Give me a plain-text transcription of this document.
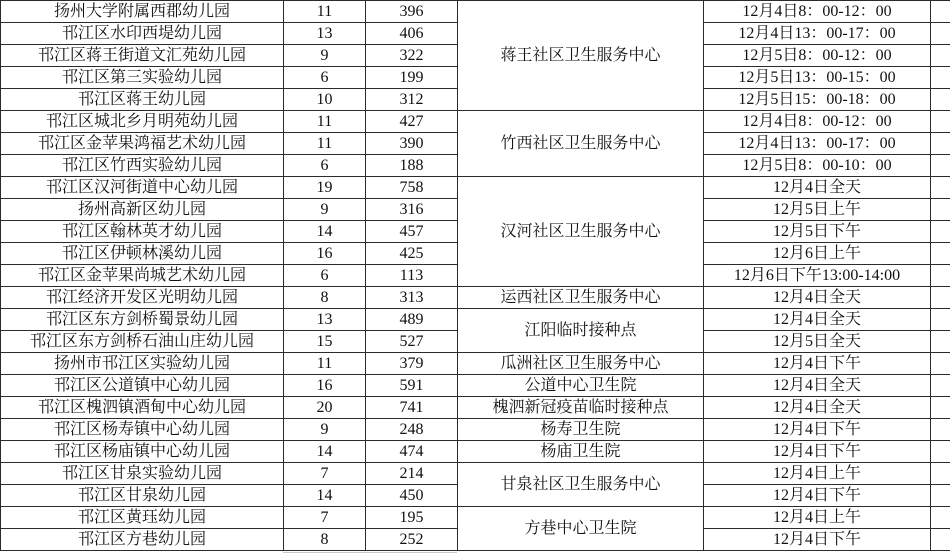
扬州大学附属西郡幼儿园	11	396	蒋王社区卫生服务中心	12月4日8：00-12：00	
邗江区水印西堤幼儿园	13	406		12月4日13：00-17：00	
邗江区蒋王街道文汇苑幼儿园	9	322		12月5日8：00-12：00	
邗江区第三实验幼儿园	6	199		12月5日13：00-15：00	
邗江区蒋王幼儿园	10	312		12月5日15：00-18：00	
邗江区城北乡月明苑幼儿园	11	427	竹西社区卫生服务中心	12月4日8：00-12：00	
邗江区金苹果鸿福艺术幼儿园	11	390		12月4日13：00-17：00	
邗江区竹西实验幼儿园	6	188		12月5日8：00-10：00	
邗江区汉河街道中心幼儿园	19	758	汉河社区卫生服务中心	12月4日全天	
扬州高新区幼儿园	9	316		12月5日上午	
邗江区翰林英才幼儿园	14	457		12月5日下午	
邗江区伊顿林溪幼儿园	16	425		12月6日上午	
邗江区金苹果尚城艺术幼儿园	6	113		12月6日下午13:00-14:00	
邗江经济开发区光明幼儿园	8	313	运西社区卫生服务中心	12月4日全天	
邗江区东方剑桥蜀景幼儿园	13	489	江阳临时接种点	12月4日全天	
邗江区东方剑桥石油山庄幼儿园	15	527		12月5日全天	
扬州市邗江区实验幼儿园	11	379	瓜洲社区卫生服务中心	12月4日下午	
邗江区公道镇中心幼儿园	16	591	公道中心卫生院	12月4日全天	
邗江区槐泗镇酒甸中心幼儿园	20	741	槐泗新冠疫苗临时接种点	12月4日全天	
邗江区杨寿镇中心幼儿园	9	248	杨寿卫生院	12月4日下午	
邗江区杨庙镇中心幼儿园	14	474	杨庙卫生院	12月4日下午	
邗江区甘泉实验幼儿园	7	214	甘泉社区卫生服务中心	12月4日上午	
邗江区甘泉幼儿园	14	450		12月4日下午	
邗江区黄珏幼儿园	7	195	方巷中心卫生院	12月4日上午	
邗江区方巷幼儿园	8	252		12月4日下午	
